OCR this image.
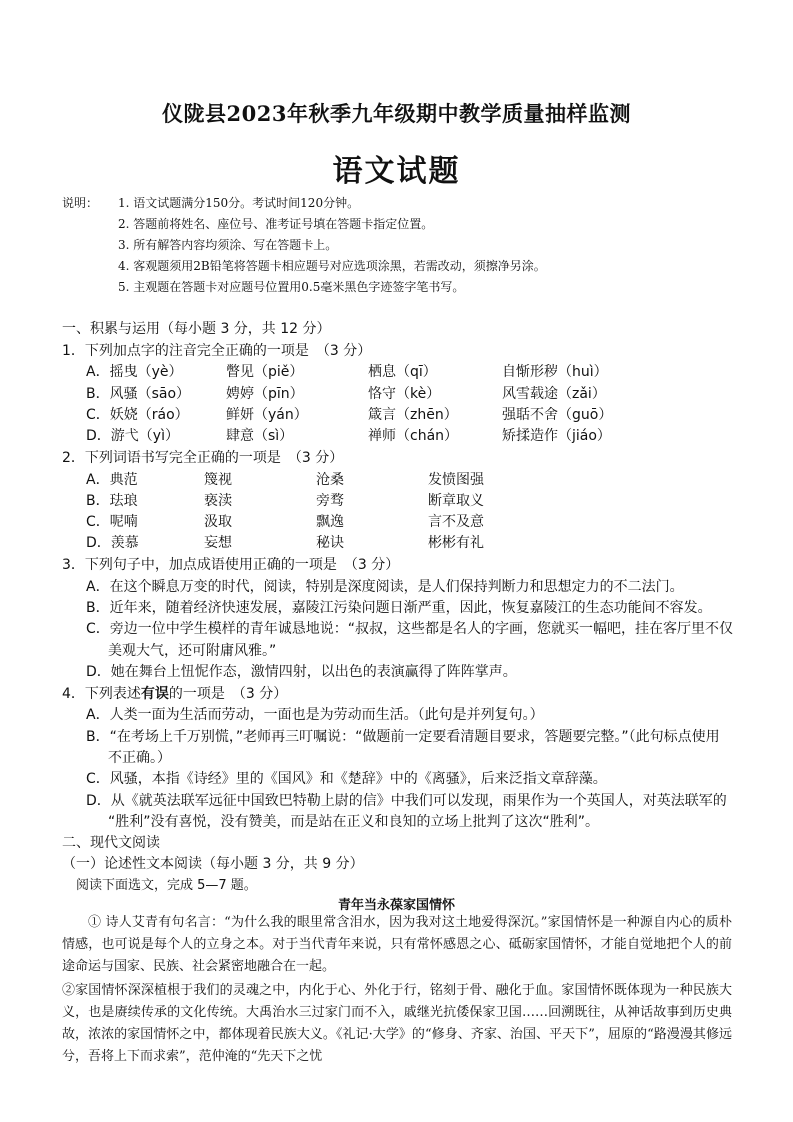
仪陇县2023年秋季九年级期中教学质量抽样监测
语文试题
说明： 1. 语文试题满分150分。考试时间120分钟。
2. 答题前将姓名、座位号、准考证号填在答题卡指定位置。
3. 所有解答内容均须涂、写在答题卡上。
4. 客观题须用2B铅笔将答题卡相应题号对应选项涂黑，若需改动，须擦净另涂。
5. 主观题在答题卡对应题号位置用0.5毫米黑色字迹签字笔书写。
一、积累与运用（每小题 3 分，共 12 分）
1．下列加点字的注音完全正确的一项是　（3 分）
A．摇曳（yè）	瞥见（piě）	栖息（qī）	自惭形秽（huì）
B．风骚（sāo）	娉婷（pīn）	恪守（kè）	风雪载途（zǎi）
C．妖娆（ráo）	鲜妍（yán）	箴言（zhēn）	强聒不舍（guō）
D．游弋（yì）	肆意（sì）	禅师（chán）	矫揉造作（jiáo）
2．下列词语书写完全正确的一项是　（3 分）
A．典范	篾视	沧桑	发愤图强
B．珐琅	亵渎	旁骛	断章取义
C．呢喃	汲取	飘逸	言不及意
D．羡慕	妄想	秘诀	彬彬有礼
3．下列句子中，加点成语使用正确的一项是　（3 分）
A．在这个瞬息万变的时代，阅读，特别是深度阅读，是人们保持判断力和思想定力的不二法门。
B．近年来，随着经济快速发展，嘉陵江污染问题日渐严重，因此，恢复嘉陵江的生态功能间不容发。
C．旁边一位中学生模样的青年诚恳地说：“叔叔，这些都是名人的字画，您就买一幅吧，挂在客厅里不仅
美观大气，还可附庸风雅。”
D．她在舞台上忸怩作态，激情四射，以出色的表演赢得了阵阵掌声。
4．下列表述有误的一项是　（3 分）
A．人类一面为生活而劳动，一面也是为劳动而生活。（此句是并列复句。）
B．“在考场上千万别慌，”老师再三叮嘱说：“做题前一定要看清题目要求，答题要完整。”（此句标点使用
不正确。）
C．风骚，本指《诗经》里的《国风》和《楚辞》中的《离骚》，后来泛指文章辞藻。
D．从《就英法联军远征中国致巴特勒上尉的信》中我们可以发现，雨果作为一个英国人，对英法联军的
“胜利”没有喜悦，没有赞美，而是站在正义和良知的立场上批判了这次“胜利”。
二、现代文阅读
（一）论述性文本阅读（每小题 3 分，共 9 分）
阅读下面选文，完成 5—7 题。
青年当永葆家国情怀
① 诗人艾青有句名言：“为什么我的眼里常含泪水，因为我对这土地爱得深沉。”家国情怀是一种源自内心的质朴情感，也可说是每个人的立身之本。对于当代青年来说，只有常怀感恩之心、砥砺家国情怀，才能自觉地把个人的前途命运与国家、民族、社会紧密地融合在一起。
②家国情怀深深植根于我们的灵魂之中，内化于心、外化于行，铭刻于骨、融化于血。家国情怀既体现为一种民族大义，也是赓续传承的文化传统。大禹治水三过家门而不入，戚继光抗倭保家卫国……回溯既往，从神话故事到历史典故，浓浓的家国情怀之中，都体现着民族大义。《礼记·大学》的“修身、齐家、治国、平天下”，屈原的“路漫漫其修远兮，吾将上下而求索”，范仲淹的“先天下之忧
